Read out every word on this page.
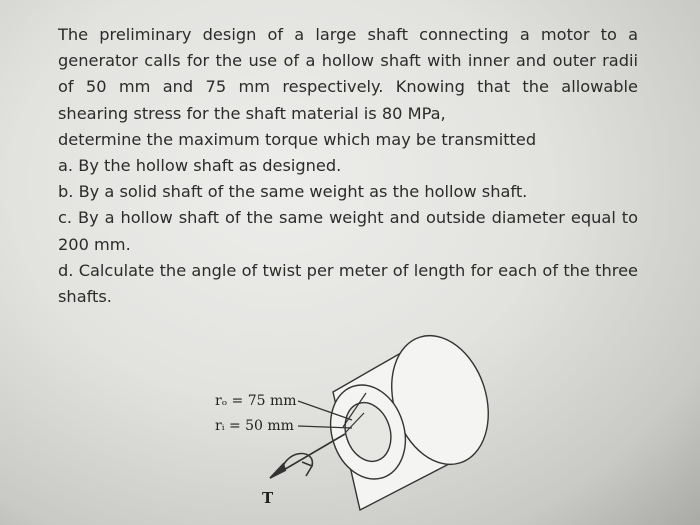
The preliminary design of a large shaft connecting a motor to a generator calls for the use of a hollow shaft with inner and outer radii of 50 mm and 75 mm respectively. Knowing that the allowable shearing stress for the shaft material is 80 MPa,

determine the maximum torque which may be transmitted

a. By the hollow shaft as designed.
b. By a solid shaft of the same weight as the hollow shaft.
c. By a hollow shaft of the same weight and outside diameter equal to 200 mm.
d. Calculate the angle of twist per meter of length for each of the three shafts.
rₒ = 75 mm
rᵢ = 50 mm
T
